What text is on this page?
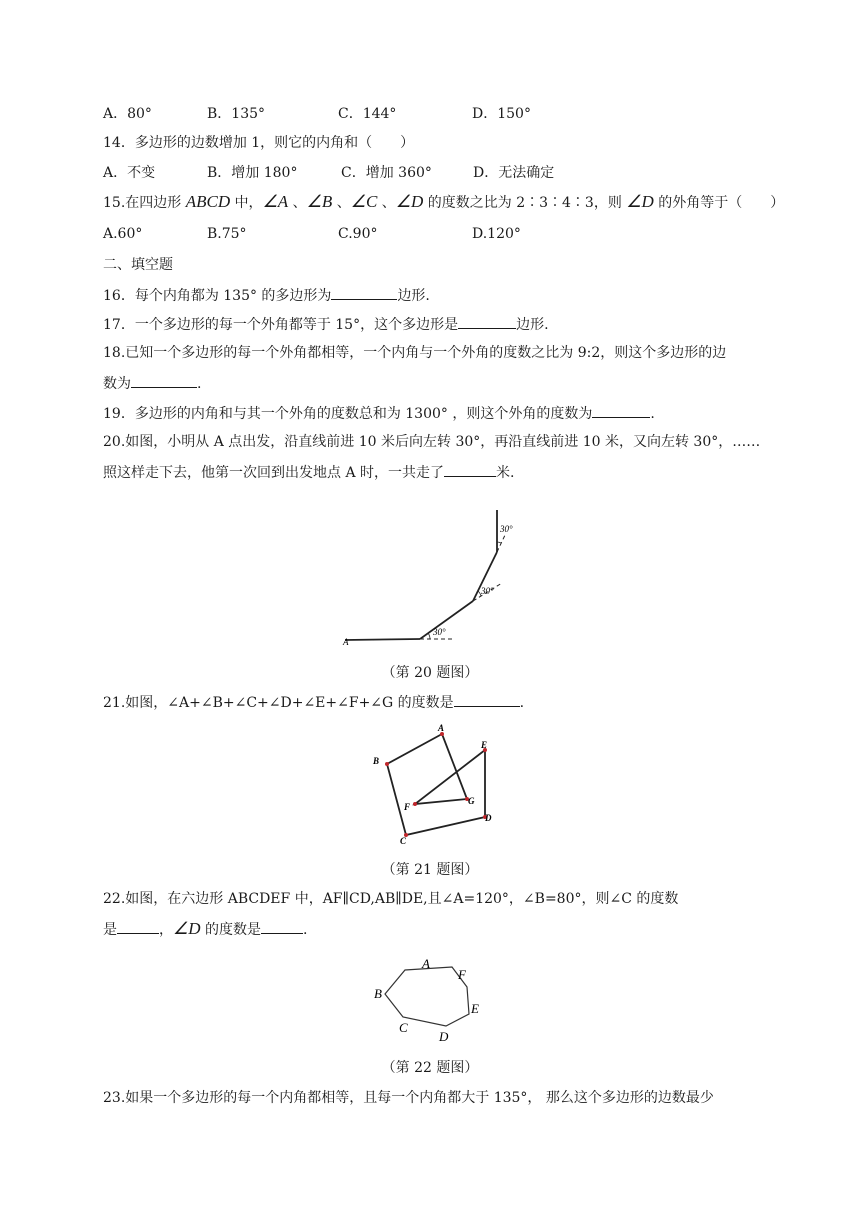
A．80°	B．135°	C．144°	D．150°
14．多边形的边数增加 1，则它的内角和（　　）
A．不变	B．增加 180°	C．增加 360°	D．无法确定
15.在四边形 ABCD 中，∠A 、∠B 、∠C 、∠D 的度数之比为 2∶3∶4∶3，则 ∠D 的外角等于（　　）
A.60°	B.75°	C.90°	D.120°
二、填空题
16．每个内角都为 135° 的多边形为	边形.
17．一个多边形的每一个外角都等于 15°，这个多边形是	边形.
18.已知一个多边形的每一个外角都相等，一个内角与一个外角的度数之比为 9:2，则这个多边形的边
数为	.
19．多边形的内角和与其一个外角的度数总和为 1300° ，则这个外角的度数为	.
20.如图，小明从 A 点出发，沿直线前进 10 米后向左转 30°，再沿直线前进 10 米，又向左转 30°，……
照这样走下去，他第一次回到出发地点 A 时，一共走了	米.
A
30°
30°
30°
（第 20 题图）
21.如图，∠A+∠B+∠C+∠D+∠E+∠F+∠G 的度数是	.
A
B
C
D
E
F
G
（第 21 题图）
22.如图，在六边形 ABCDEF 中，AF∥CD,AB∥DE,且∠A=120°，∠B=80°，则∠C 的度数
是	，∠D 的度数是	.
A
B
C
D
E
F
（第 22 题图）
23.如果一个多边形的每一个内角都相等，且每一个内角都大于 135°， 那么这个多边形的边数最少
